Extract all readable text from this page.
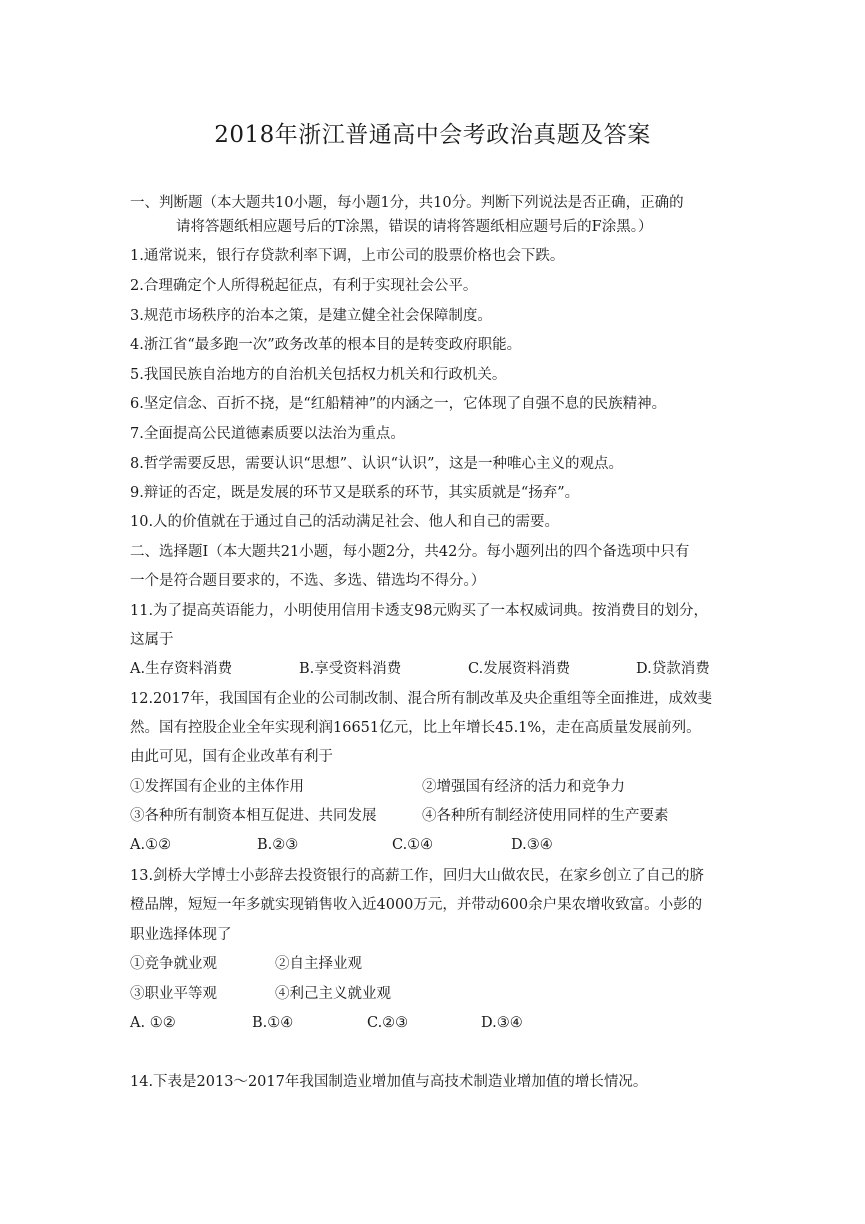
2018年浙江普通高中会考政治真题及答案
一、判断题（本大题共10小题，每小题1分，共10分。判断下列说法是否正确，正确的
请将答题纸相应题号后的T涂黑，错误的请将答题纸相应题号后的F涂黑。）
1.通常说来，银行存贷款利率下调，上市公司的股票价格也会下跌。
2.合理确定个人所得税起征点，有利于实现社会公平。
3.规范市场秩序的治本之策，是建立健全社会保障制度。
4.浙江省“最多跑一次”政务改革的根本目的是转变政府职能。
5.我国民族自治地方的自治机关包括权力机关和行政机关。
6.坚定信念、百折不挠，是“红船精神”的内涵之一，它体现了自强不息的民族精神。
7.全面提高公民道德素质要以法治为重点。
8.哲学需要反思，需要认识“思想”、认识“认识”，这是一种唯心主义的观点。
9.辩证的否定，既是发展的环节又是联系的环节，其实质就是“扬弃”。
10.人的价值就在于通过自己的活动满足社会、他人和自己的需要。
二、选择题Ⅰ（本大题共21小题，每小题2分，共42分。每小题列出的四个备选项中只有
一个是符合题目要求的，不选、多选、错选均不得分。）
11.为了提高英语能力，小明使用信用卡透支98元购买了一本权威词典。按消费目的划分，
这属于
A.生存资料消费	B.享受资料消费	C.发展资料消费	D.贷款消费
12.2017年，我国国有企业的公司制改制、混合所有制改革及央企重组等全面推进，成效斐
然。国有控股企业全年实现利润16651亿元，比上年增长45.1%，走在高质量发展前列。
由此可见，国有企业改革有利于
①发挥国有企业的主体作用	②增强国有经济的活力和竞争力
③各种所有制资本相互促进、共同发展	④各种所有制经济使用同样的生产要素
A.①②	B.②③	C.①④	D.③④
13.剑桥大学博士小彭辞去投资银行的高薪工作，回归大山做农民，在家乡创立了自己的脐
橙品牌，短短一年多就实现销售收入近4000万元，并带动600余户果农增收致富。小彭的
职业选择体现了
①竞争就业观	②自主择业观
③职业平等观	④利己主义就业观
A. ①②	B.①④	C.②③	D.③④
14.下表是2013～2017年我国制造业增加值与高技术制造业增加值的增长情况。
